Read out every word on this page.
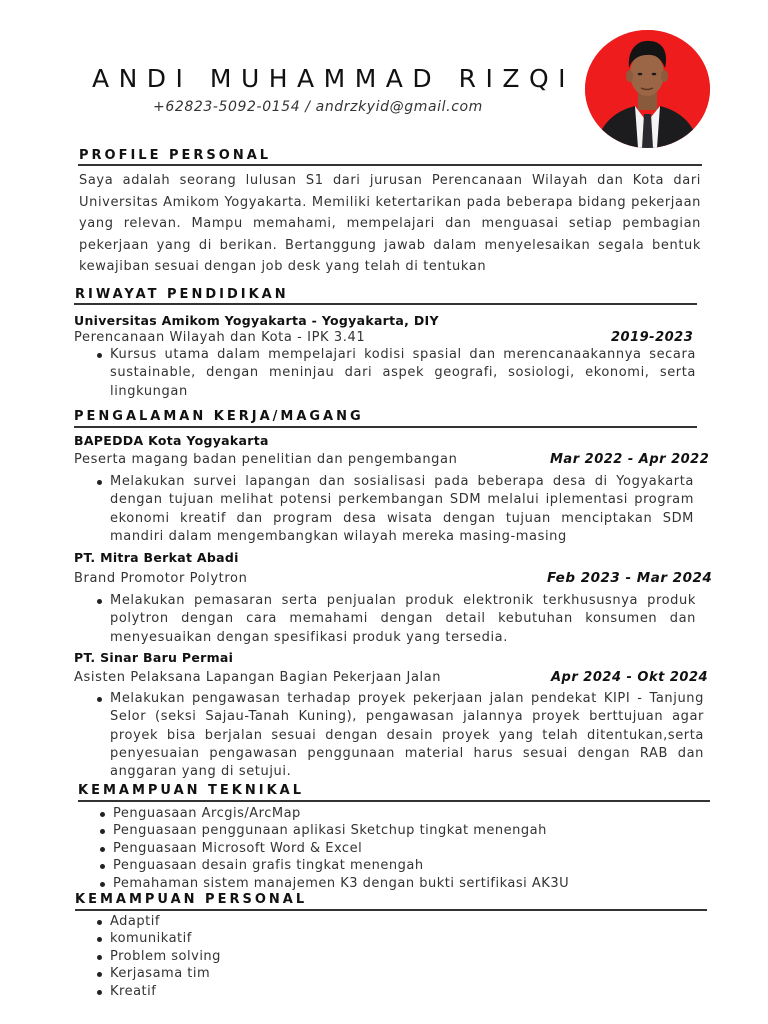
ANDI MUHAMMAD RIZQI
+62823-5092-0154 / andrzkyid@gmail.com
PROFILE PERSONAL
Saya adalah seorang lulusan S1 dari jurusan Perencanaan Wilayah dan Kota dari Universitas Amikom Yogyakarta. Memiliki ketertarikan pada beberapa bidang pekerjaan yang relevan. Mampu memahami, mempelajari dan menguasai setiap pembagian pekerjaan yang di berikan. Bertanggung jawab dalam menyelesaikan segala bentuk kewajiban sesuai dengan job desk yang telah di tentukan
RIWAYAT PENDIDIKAN
Universitas Amikom Yogyakarta - Yogyakarta, DIY
Perencanaan Wilayah dan Kota - IPK 3.41	2019-2023
Kursus utama dalam mempelajari kodisi spasial dan merencanaakannya secara sustainable, dengan meninjau dari aspek geografi, sosiologi, ekonomi, serta lingkungan
PENGALAMAN KERJA/MAGANG
BAPEDDA Kota Yogyakarta
Peserta magang badan penelitian dan pengembangan	Mar 2022 - Apr 2022
Melakukan survei lapangan dan sosialisasi pada beberapa desa di Yogyakarta dengan tujuan melihat potensi perkembangan SDM melalui iplementasi program ekonomi kreatif dan program desa wisata dengan tujuan menciptakan SDM mandiri dalam mengembangkan wilayah mereka masing-masing
PT. Mitra Berkat Abadi
Brand Promotor Polytron	Feb 2023 - Mar 2024
Melakukan pemasaran serta penjualan produk elektronik terkhususnya produk polytron dengan cara memahami dengan detail kebutuhan konsumen dan menyesuaikan dengan spesifikasi produk yang tersedia.
PT. Sinar Baru Permai
Asisten Pelaksana Lapangan Bagian Pekerjaan Jalan	Apr 2024 - Okt 2024
Melakukan pengawasan terhadap proyek pekerjaan jalan pendekat KIPI - Tanjung Selor (seksi Sajau-Tanah Kuning), pengawasan jalannya proyek berttujuan agar proyek bisa berjalan sesuai dengan desain proyek yang telah ditentukan,serta penyesuaian pengawasan penggunaan material harus sesuai dengan RAB dan anggaran yang di setujui.
KEMAMPUAN TEKNIKAL
Penguasaan Arcgis/ArcMap
Penguasaan penggunaan aplikasi Sketchup tingkat menengah
Penguasaan Microsoft Word & Excel
Penguasaan desain grafis tingkat menengah
Pemahaman sistem manajemen K3 dengan bukti sertifikasi AK3U
KEMAMPUAN PERSONAL
Adaptif
komunikatif
Problem solving
Kerjasama tim
Kreatif
